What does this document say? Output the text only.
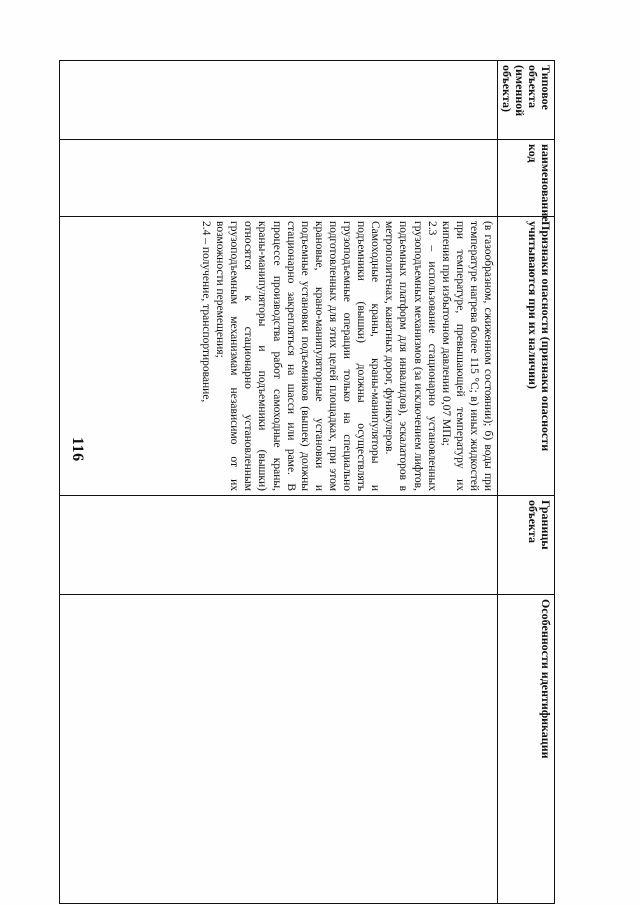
116
Типовое объекта (именной объекта)	наименование код	Признаки опасности (признаки опасности учитываются при их наличии)	Границы объекта	Особенности идентификации

		(в газообразном, сжиженном состоянии); б) воды при температуре нагрева более 115 °С; в) иных жидкостей при температуре, превышающей температуру их кипения при избыточном давлении 0,07 МПа;

2.3 – использование стационарно установленных грузоподъемных механизмов (за исключением лифтов, подъемных платформ для инвалидов), эскалаторов в метрополитенах, канатных дорог, фуникулеров.

Самоходные краны, краны-манипуляторы и подъемники (вышки) должны осуществлять грузоподъемные операции только на специально подготовленных для этих целей площадках, при этом крановые, крано-манипуляторные установки и подъемные установки подъемников (вышек) должны стационарно закрепляться на шасси или раме. В процессе производства работ самоходные краны, краны-манипуляторы и подъемники (вышки) относятся к стационарно установленным грузоподъемным механизмам независимо от их возможности перемещения;

2.4 – получение, транспортирование,		
